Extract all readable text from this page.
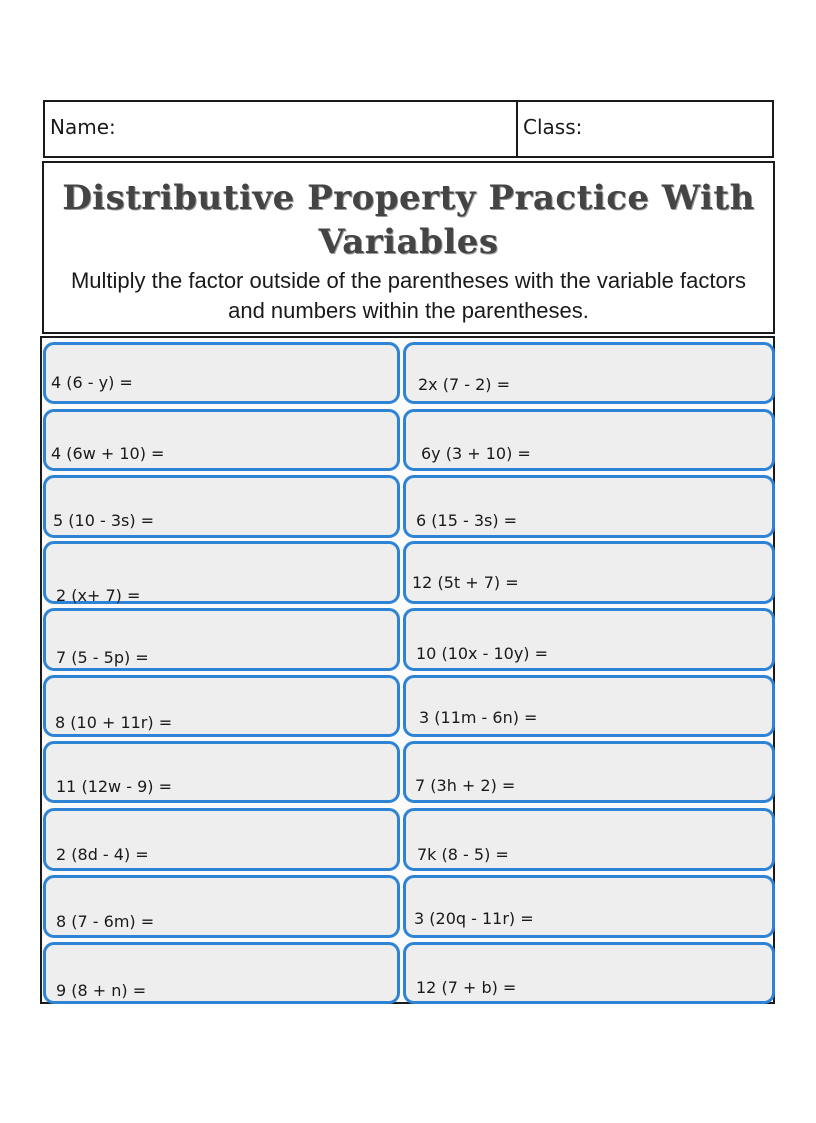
Name:	Class:
Distributive Property Practice With Variables
Multiply the factor outside of the parentheses with the variable factors and numbers within the parentheses.
4 (6 - y) =
4 (6w + 10) =
5 (10 - 3s) =
2 (x+ 7) =
7 (5 - 5p) =
8 (10 + 11r) =
11 (12w - 9) =
2 (8d - 4) =
8 (7 - 6m) =
9 (8 + n) =
2x (7 - 2) =
6y (3 + 10) =
6 (15 - 3s) =
12 (5t + 7) =
10 (10x - 10y) =
3 (11m - 6n) =
7 (3h + 2) =
7k (8 - 5) =
3 (20q - 11r) =
12 (7 + b) =
